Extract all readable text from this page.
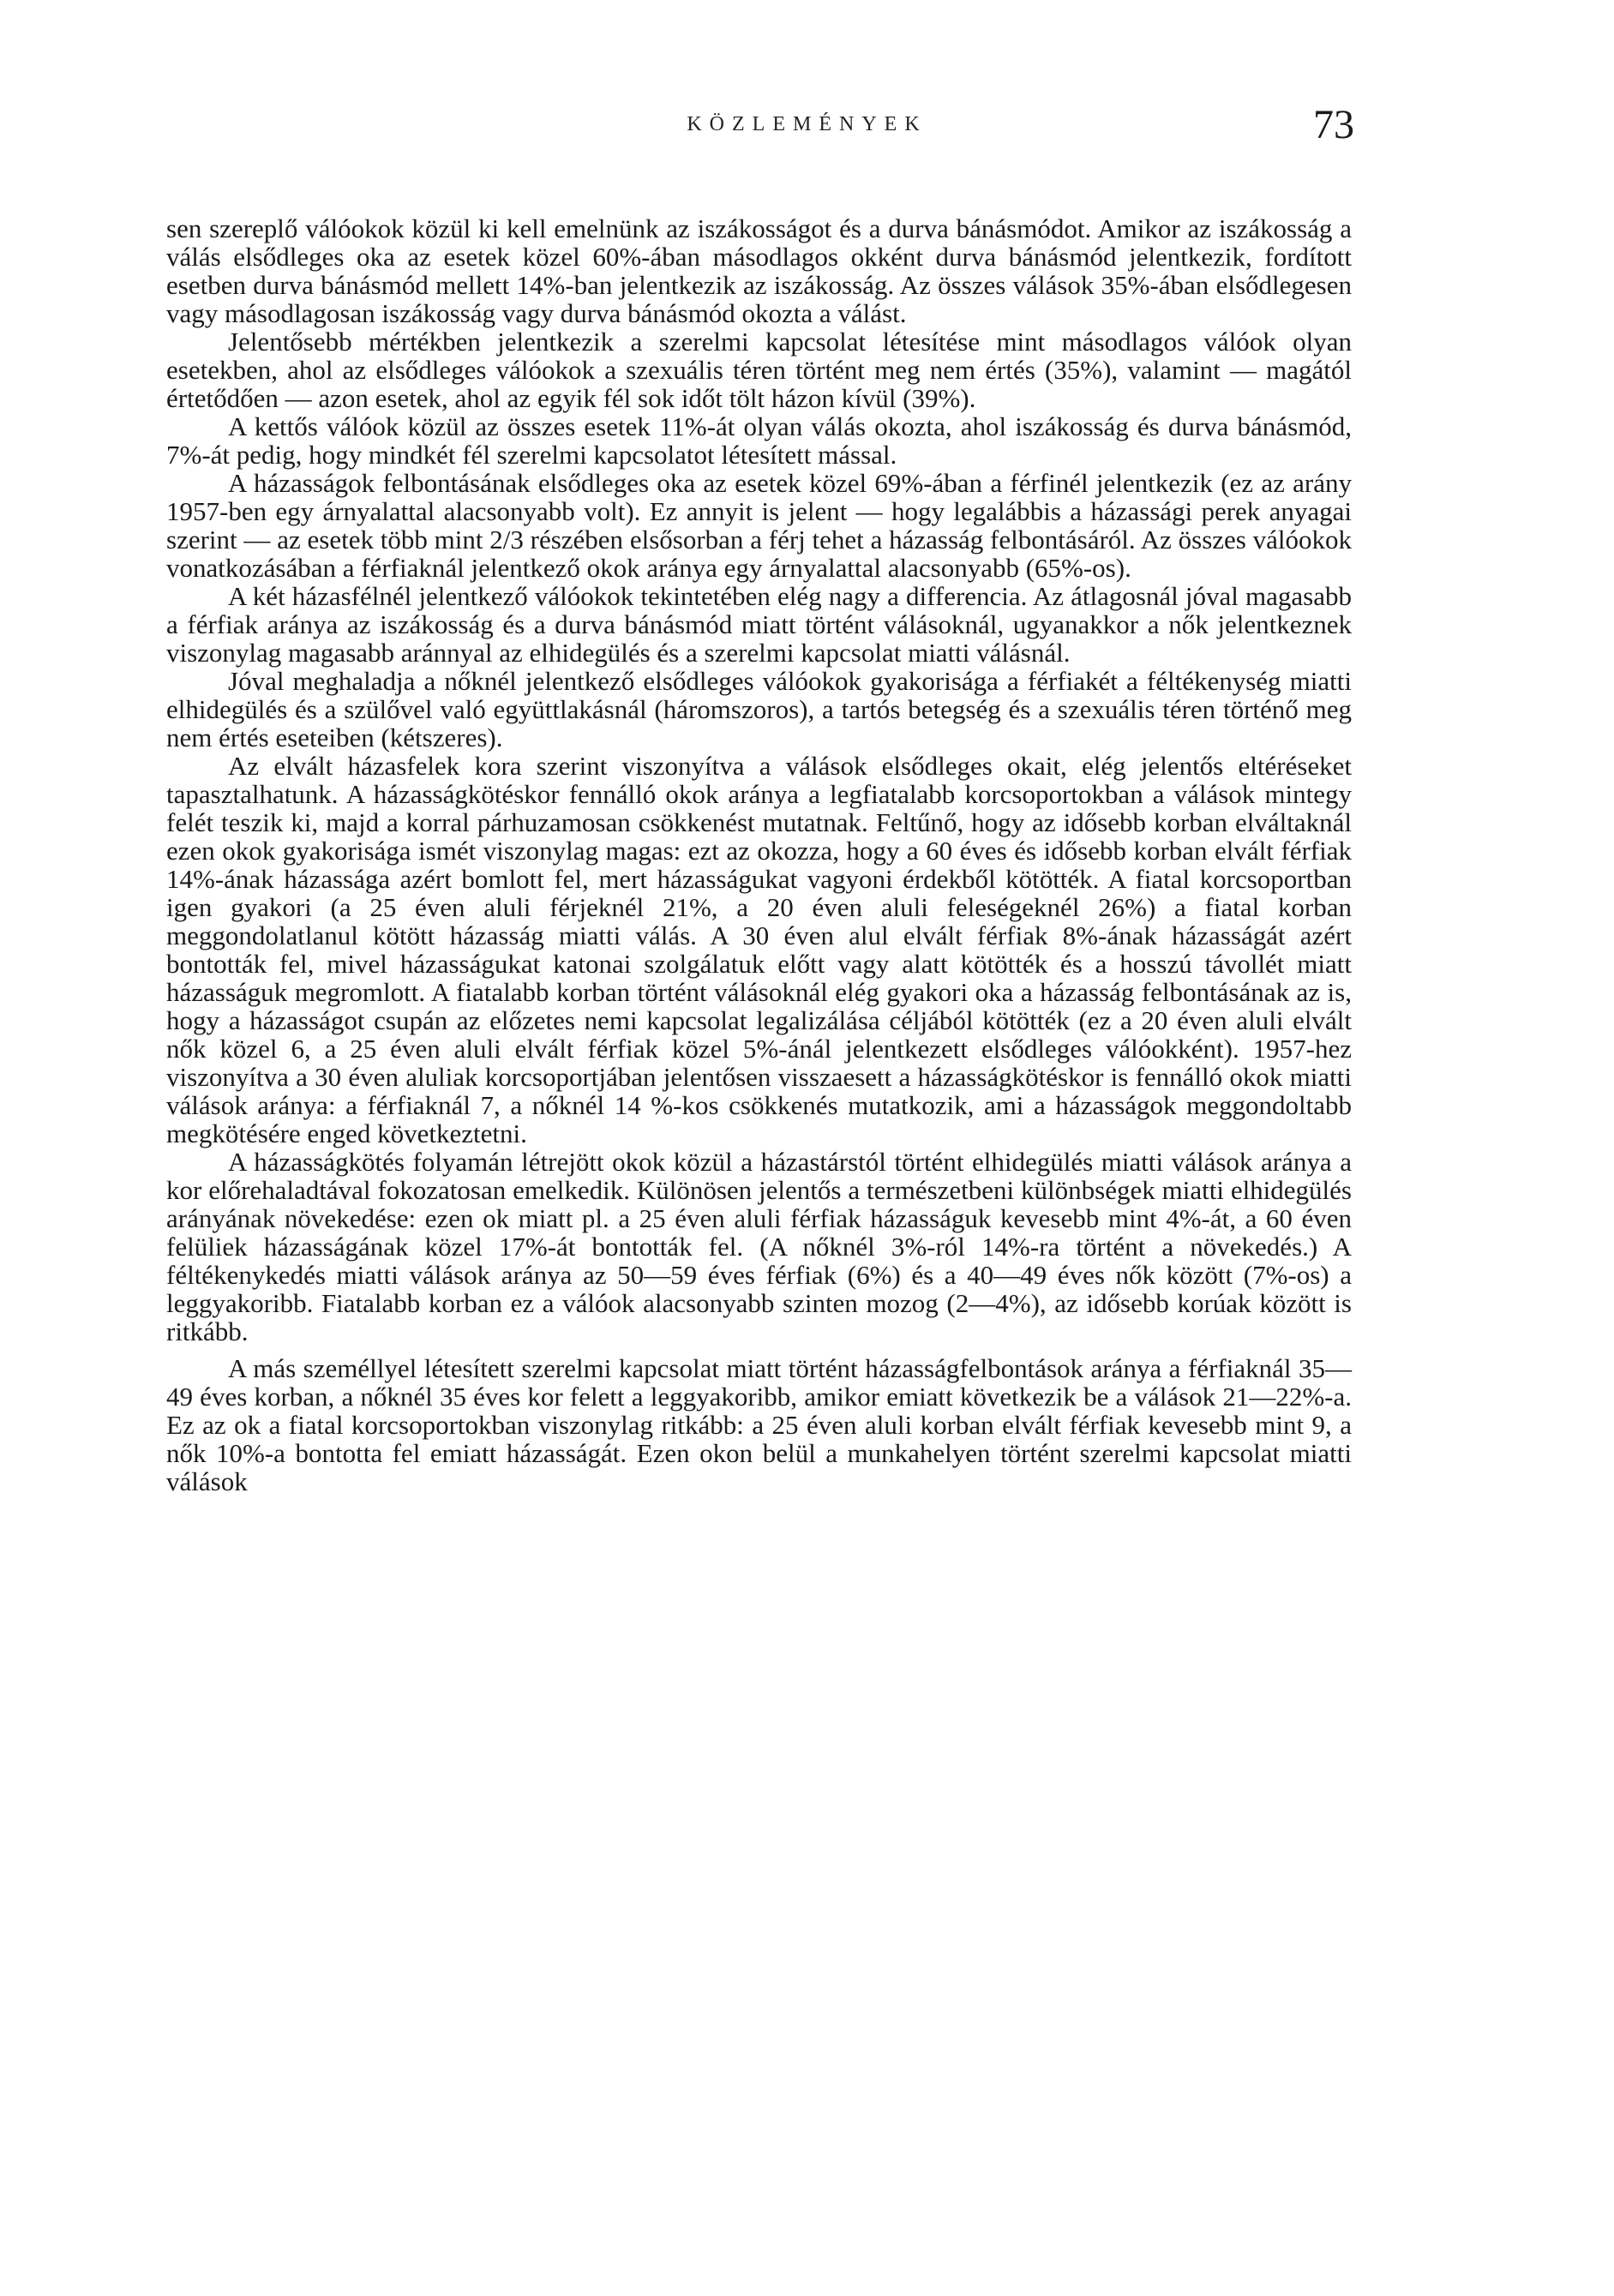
KÖZLEMÉNYEK	73

sen szereplő válóokok közül ki kell emelnünk az iszákosságot és a durva bánásmódot. Amikor az iszákosság a válás elsődleges oka az esetek közel 60%-ában másodlagos okként durva bánásmód jelentkezik, fordított esetben durva bánásmód mellett 14%-ban jelentkezik az iszákosság. Az összes válások 35%-ában elsődlegesen vagy másodlagosan iszákosság vagy durva bánásmód okozta a válást.

Jelentősebb mértékben jelentkezik a szerelmi kapcsolat létesítése mint másodlagos válóok olyan esetekben, ahol az elsődleges válóokok a szexuális téren történt meg nem értés (35%), valamint — magától értetődően — azon esetek, ahol az egyik fél sok időt tölt házon kívül (39%).

A kettős válóok közül az összes esetek 11%-át olyan válás okozta, ahol iszákosság és durva bánásmód, 7%-át pedig, hogy mindkét fél szerelmi kapcsolatot létesített mással.

A házasságok felbontásának elsődleges oka az esetek közel 69%-ában a férfinél jelentkezik (ez az arány 1957-ben egy árnyalattal alacsonyabb volt). Ez annyit is jelent — hogy legalábbis a házassági perek anyagai szerint — az esetek több mint 2/3 részében elsősorban a férj tehet a házasság felbontásáról. Az összes válóokok vonatkozásában a férfiaknál jelentkező okok aránya egy árnyalattal alacsonyabb (65%-os).

A két házasfélnél jelentkező válóokok tekintetében elég nagy a differencia. Az átlagosnál jóval magasabb a férfiak aránya az iszákosság és a durva bánásmód miatt történt válásoknál, ugyanakkor a nők jelentkeznek viszonylag magasabb aránnyal az elhidegülés és a szerelmi kapcsolat miatti válásnál.

Jóval meghaladja a nőknél jelentkező elsődleges válóokok gyakorisága a férfiakét a féltékenység miatti elhidegülés és a szülővel való együttlakásnál (háromszoros), a tartós betegség és a szexuális téren történő meg nem értés eseteiben (kétszeres).

Az elvált házasfelek kora szerint viszonyítva a válások elsődleges okait, elég jelentős eltéréseket tapasztalhatunk. A házasságkötéskor fennálló okok aránya a legfiatalabb korcsoportokban a válások mintegy felét teszik ki, majd a korral párhuzamosan csökkenést mutatnak. Feltűnő, hogy az idősebb korban elváltaknál ezen okok gyakorisága ismét viszonylag magas: ezt az okozza, hogy a 60 éves és idősebb korban elvált férfiak 14%-ának házassága azért bomlott fel, mert házasságukat vagyoni érdekből kötötték. A fiatal korcsoportban igen gyakori (a 25 éven aluli férjeknél 21%, a 20 éven aluli feleségeknél 26%) a fiatal korban meggondolatlanul kötött házasság miatti válás. A 30 éven alul elvált férfiak 8%-ának házasságát azért bontották fel, mivel házasságukat katonai szolgálatuk előtt vagy alatt kötötték és a hosszú távollét miatt házasságuk megromlott. A fiatalabb korban történt válásoknál elég gyakori oka a házasság felbontásának az is, hogy a házasságot csupán az előzetes nemi kapcsolat legalizálása céljából kötötték (ez a 20 éven aluli elvált nők közel 6, a 25 éven aluli elvált férfiak közel 5%-ánál jelentkezett elsődleges válóokként). 1957-hez viszonyítva a 30 éven aluliak korcsoportjában jelentősen visszaesett a házasságkötéskor is fennálló okok miatti válások aránya: a férfiaknál 7, a nőknél 14 %-kos csökkenés mutatkozik, ami a házasságok meggondoltabb megkötésére enged következtetni.

A házasságkötés folyamán létrejött okok közül a házastárstól történt elhidegülés miatti válások aránya a kor előrehaladtával fokozatosan emelkedik. Különösen jelentős a természetbeni különbségek miatti elhidegülés arányának növekedése: ezen ok miatt pl. a 25 éven aluli férfiak házasságuk kevesebb mint 4%-át, a 60 éven felüliek házasságának közel 17%-át bontották fel. (A nőknél 3%-ról 14%-ra történt a növekedés.) A féltékenykedés miatti válások aránya az 50—59 éves férfiak (6%) és a 40—49 éves nők között (7%-os) a leggyakoribb. Fiatalabb korban ez a válóok alacsonyabb szinten mozog (2—4%), az idősebb korúak között is ritkább.

A más személlyel létesített szerelmi kapcsolat miatt történt házasságfelbontások aránya a férfiaknál 35—49 éves korban, a nőknél 35 éves kor felett a leggyakoribb, amikor emiatt következik be a válások 21—22%-a. Ez az ok a fiatal korcsoportokban viszonylag ritkább: a 25 éven aluli korban elvált férfiak kevesebb mint 9, a nők 10%-a bontotta fel emiatt házasságát. Ezen okon belül a munkahelyen történt szerelmi kapcsolat miatti válások
